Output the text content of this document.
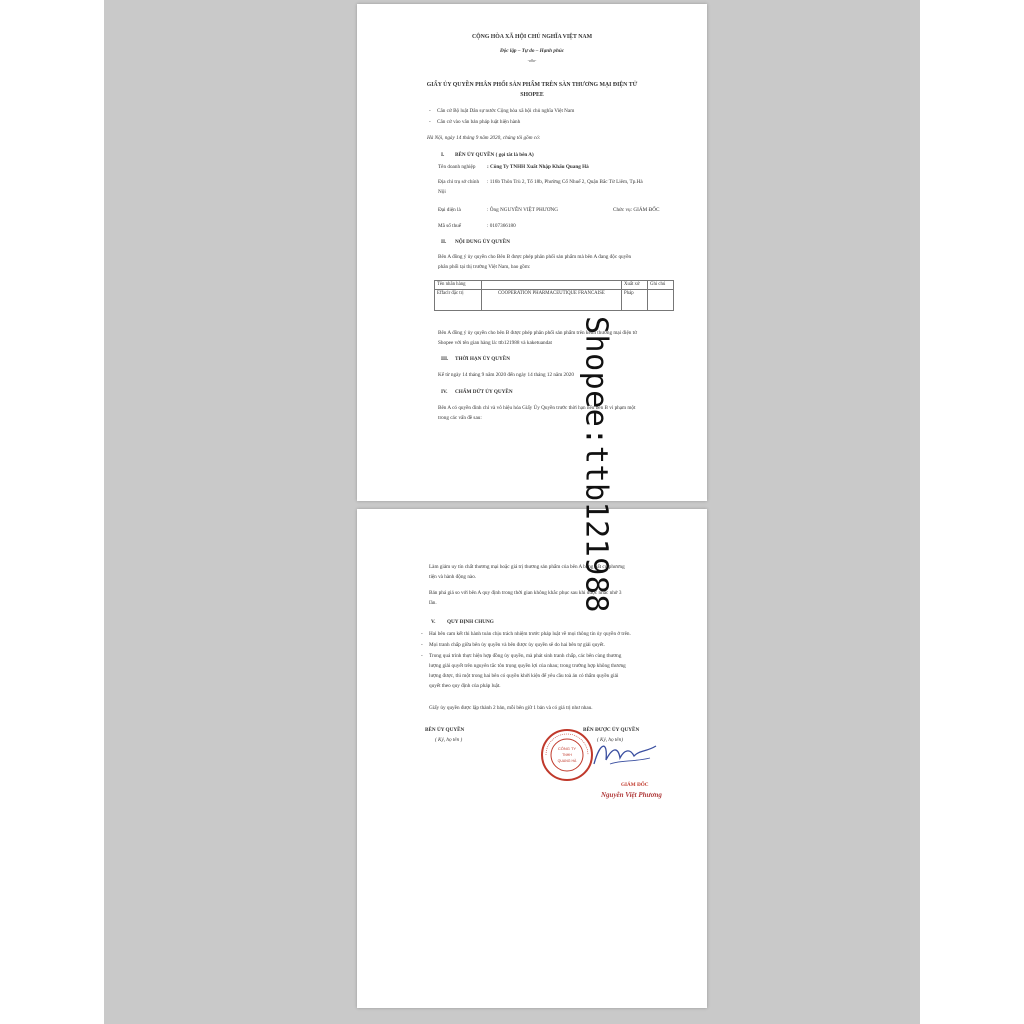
CỘNG HÒA XÃ HỘI CHỦ NGHĨA VIỆT NAM
Độc lập – Tự do – Hạnh phúc
-o0o-
GIẤY ỦY QUYỀN PHÂN PHỐI SẢN PHẨM TRÊN SÀN THƯƠNG MẠI ĐIỆN TỬ
SHOPEE
- Căn cứ Bộ luật Dân sự nước Cộng hòa xã hội chủ nghĩa Việt Nam
- Căn cứ vào văn bản pháp luật hiện hành
Hà Nội, ngày 14 tháng 9 năm 2020, chúng tôi gồm có:
I. BÊN ỦY QUYỀN ( gọi tắt là bên A)
Tên doanh nghiệp : Công Ty TNHH Xuất Nhập Khẩu Quang Hà
Địa chỉ trụ sở chính : 116b Thôn Trù 2, Tổ 18b, Phường Cổ Nhuế 2, Quận Bắc Từ Liêm, Tp.Hà
Nội
Đại diện là	: Ông NGUYỄN VIỆT PHƯƠNG	Chức vụ: GIÁM ĐỐC
Mã số thuế	: 0107366180
II. NỘI DUNG ỦY QUYỀN
Bên A đồng ý ủy quyền cho Bên B được phép phân phối sản phẩm mà bên A đang độc quyền
phân phối tại thị trường Việt Nam, bao gồm:
Tên nhãn hàng		Xuất xứ	Ghi chú
Effaclr đặc trị	COOPERATION PHARMACEUTIQUE FRANCAISE	Pháp	
Bên A đồng ý ủy quyền cho bên B được phép phân phối sản phẩm trên kênh thương mại điện tử
Shopee với tên gian hàng là: ttb121988 và kaketuandat
III. THỜI HẠN ỦY QUYỀN
Kể từ ngày 14 tháng 9 năm 2020 đến ngày 14 tháng 12 năm 2020
IV. CHẤM DỨT ỦY QUYỀN
Bên A có quyền đình chỉ và vô hiệu hóa Giấy Ủy Quyền trước thời hạn nếu bên B vi phạm một
trong các vấn đề sau:
Làm giảm uy tín chất thương mại hoặc giá trị thương sản phẩm của bên A bằng bất cứ phương
tiện và hành động nào.
Bán phá giá so với bên A quy định trong thời gian không khắc phục sau khi được nhắc nhở 3
lần.
V. QUY ĐỊNH CHUNG
- Hai bên cam kết thi hành toàn chịu trách nhiệm trước pháp luật về mọi thông tin ủy quyền ở trên.
- Mọi tranh chấp giữa bên ủy quyền và bên được ủy quyền sẽ do hai bên tự giải quyết.
- Trong quá trình thực hiện hợp đồng ủy quyền, mà phát sinh tranh chấp, các bên cùng thương
lượng giải quyết trên nguyên tắc tôn trọng quyền lợi của nhau; trong trường hợp không thương
lượng được, thì một trong hai bên có quyền khởi kiện để yêu cầu toà án có thẩm quyền giải
quyết theo quy định của pháp luật.
Giấy ủy quyền được lập thành 2 bản, mỗi bên giữ 1 bản và có giá trị như nhau.
BÊN ỦY QUYỀN
( Ký, họ tên )
BÊN ĐƯỢC ỦY QUYỀN
( Ký, họ tên)
GIÁM ĐỐC
Nguyễn Việt Phương
CÔNG TY
TNHH
QUANG HÀ
Shopee:ttb121988
